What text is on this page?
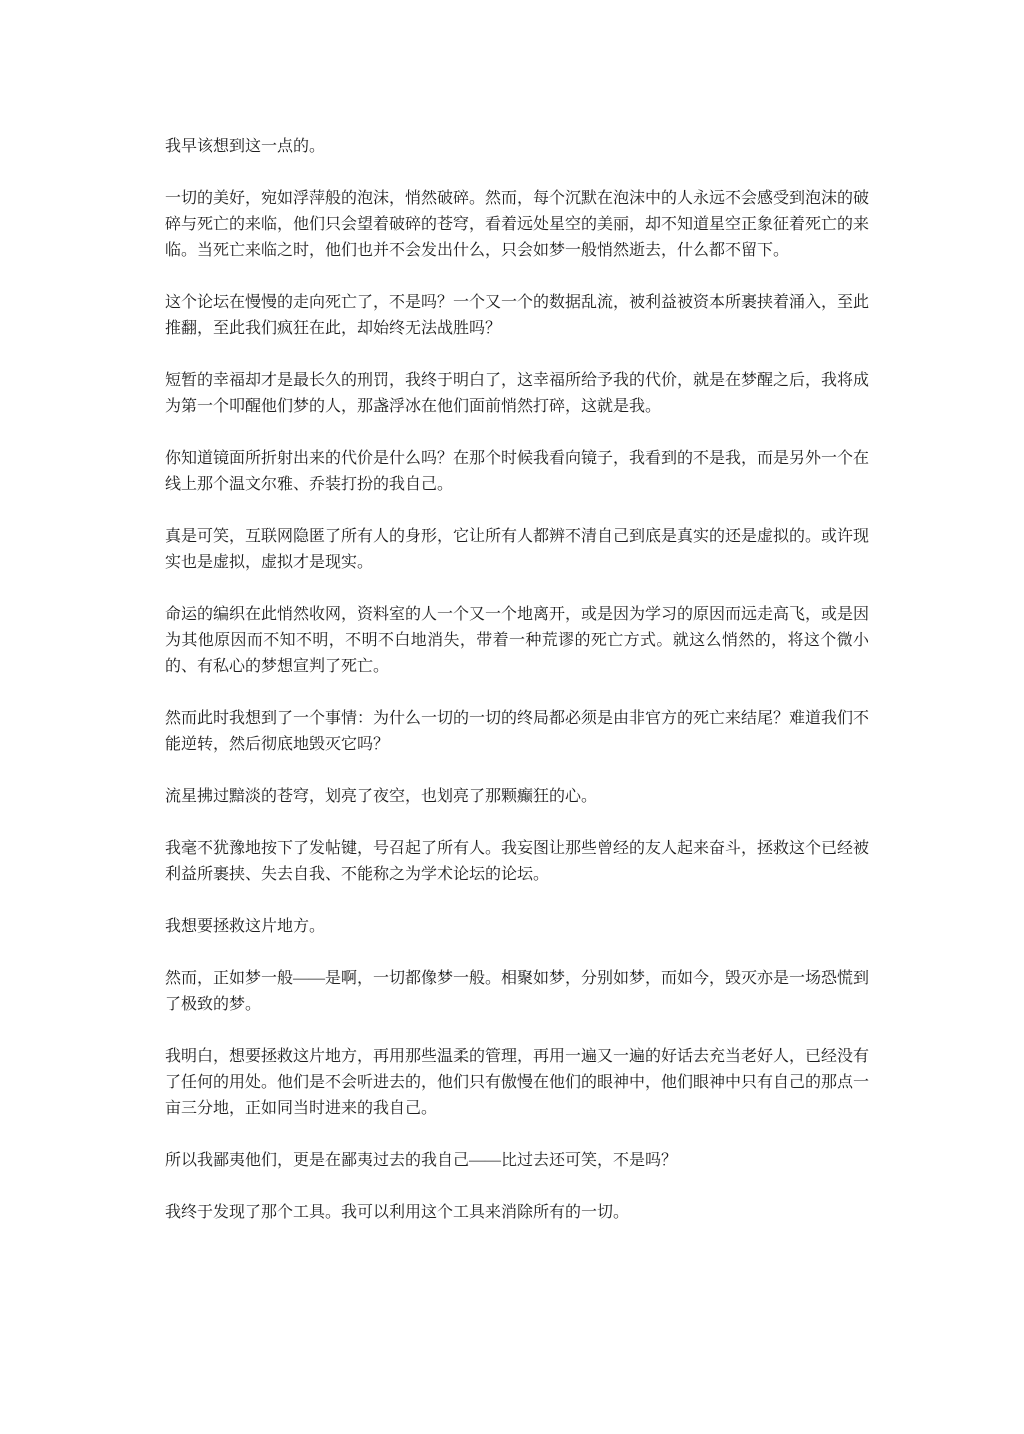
我早该想到这一点的。

一切的美好，宛如浮萍般的泡沫，悄然破碎。然而，每个沉默在泡沫中的人永远不会感受到泡沫的破碎与死亡的来临，他们只会望着破碎的苍穹，看着远处星空的美丽，却不知道星空正象征着死亡的来临。当死亡来临之时，他们也并不会发出什么，只会如梦一般悄然逝去，什么都不留下。

这个论坛在慢慢的走向死亡了，不是吗？一个又一个的数据乱流，被利益被资本所裹挟着涌入，至此推翻，至此我们疯狂在此，却始终无法战胜吗？

短暂的幸福却才是最长久的刑罚，我终于明白了，这幸福所给予我的代价，就是在梦醒之后，我将成为第一个叩醒他们梦的人，那盏浮冰在他们面前悄然打碎，这就是我。

你知道镜面所折射出来的代价是什么吗？在那个时候我看向镜子，我看到的不是我，而是另外一个在线上那个温文尔雅、乔装打扮的我自己。

真是可笑，互联网隐匿了所有人的身形，它让所有人都辨不清自己到底是真实的还是虚拟的。或许现实也是虚拟，虚拟才是现实。

命运的编织在此悄然收网，资料室的人一个又一个地离开，或是因为学习的原因而远走高飞，或是因为其他原因而不知不明，不明不白地消失，带着一种荒谬的死亡方式。就这么悄然的，将这个微小的、有私心的梦想宣判了死亡。

然而此时我想到了一个事情：为什么一切的一切的终局都必须是由非官方的死亡来结尾？难道我们不能逆转，然后彻底地毁灭它吗？

流星拂过黯淡的苍穹，划亮了夜空，也划亮了那颗癫狂的心。

我毫不犹豫地按下了发帖键，号召起了所有人。我妄图让那些曾经的友人起来奋斗，拯救这个已经被利益所裹挟、失去自我、不能称之为学术论坛的论坛。

我想要拯救这片地方。

然而，正如梦一般——是啊，一切都像梦一般。相聚如梦，分别如梦，而如今，毁灭亦是一场恐慌到了极致的梦。

我明白，想要拯救这片地方，再用那些温柔的管理，再用一遍又一遍的好话去充当老好人，已经没有了任何的用处。他们是不会听进去的，他们只有傲慢在他们的眼神中，他们眼神中只有自己的那点一亩三分地，正如同当时进来的我自己。

所以我鄙夷他们，更是在鄙夷过去的我自己——比过去还可笑，不是吗？

我终于发现了那个工具。我可以利用这个工具来消除所有的一切。
